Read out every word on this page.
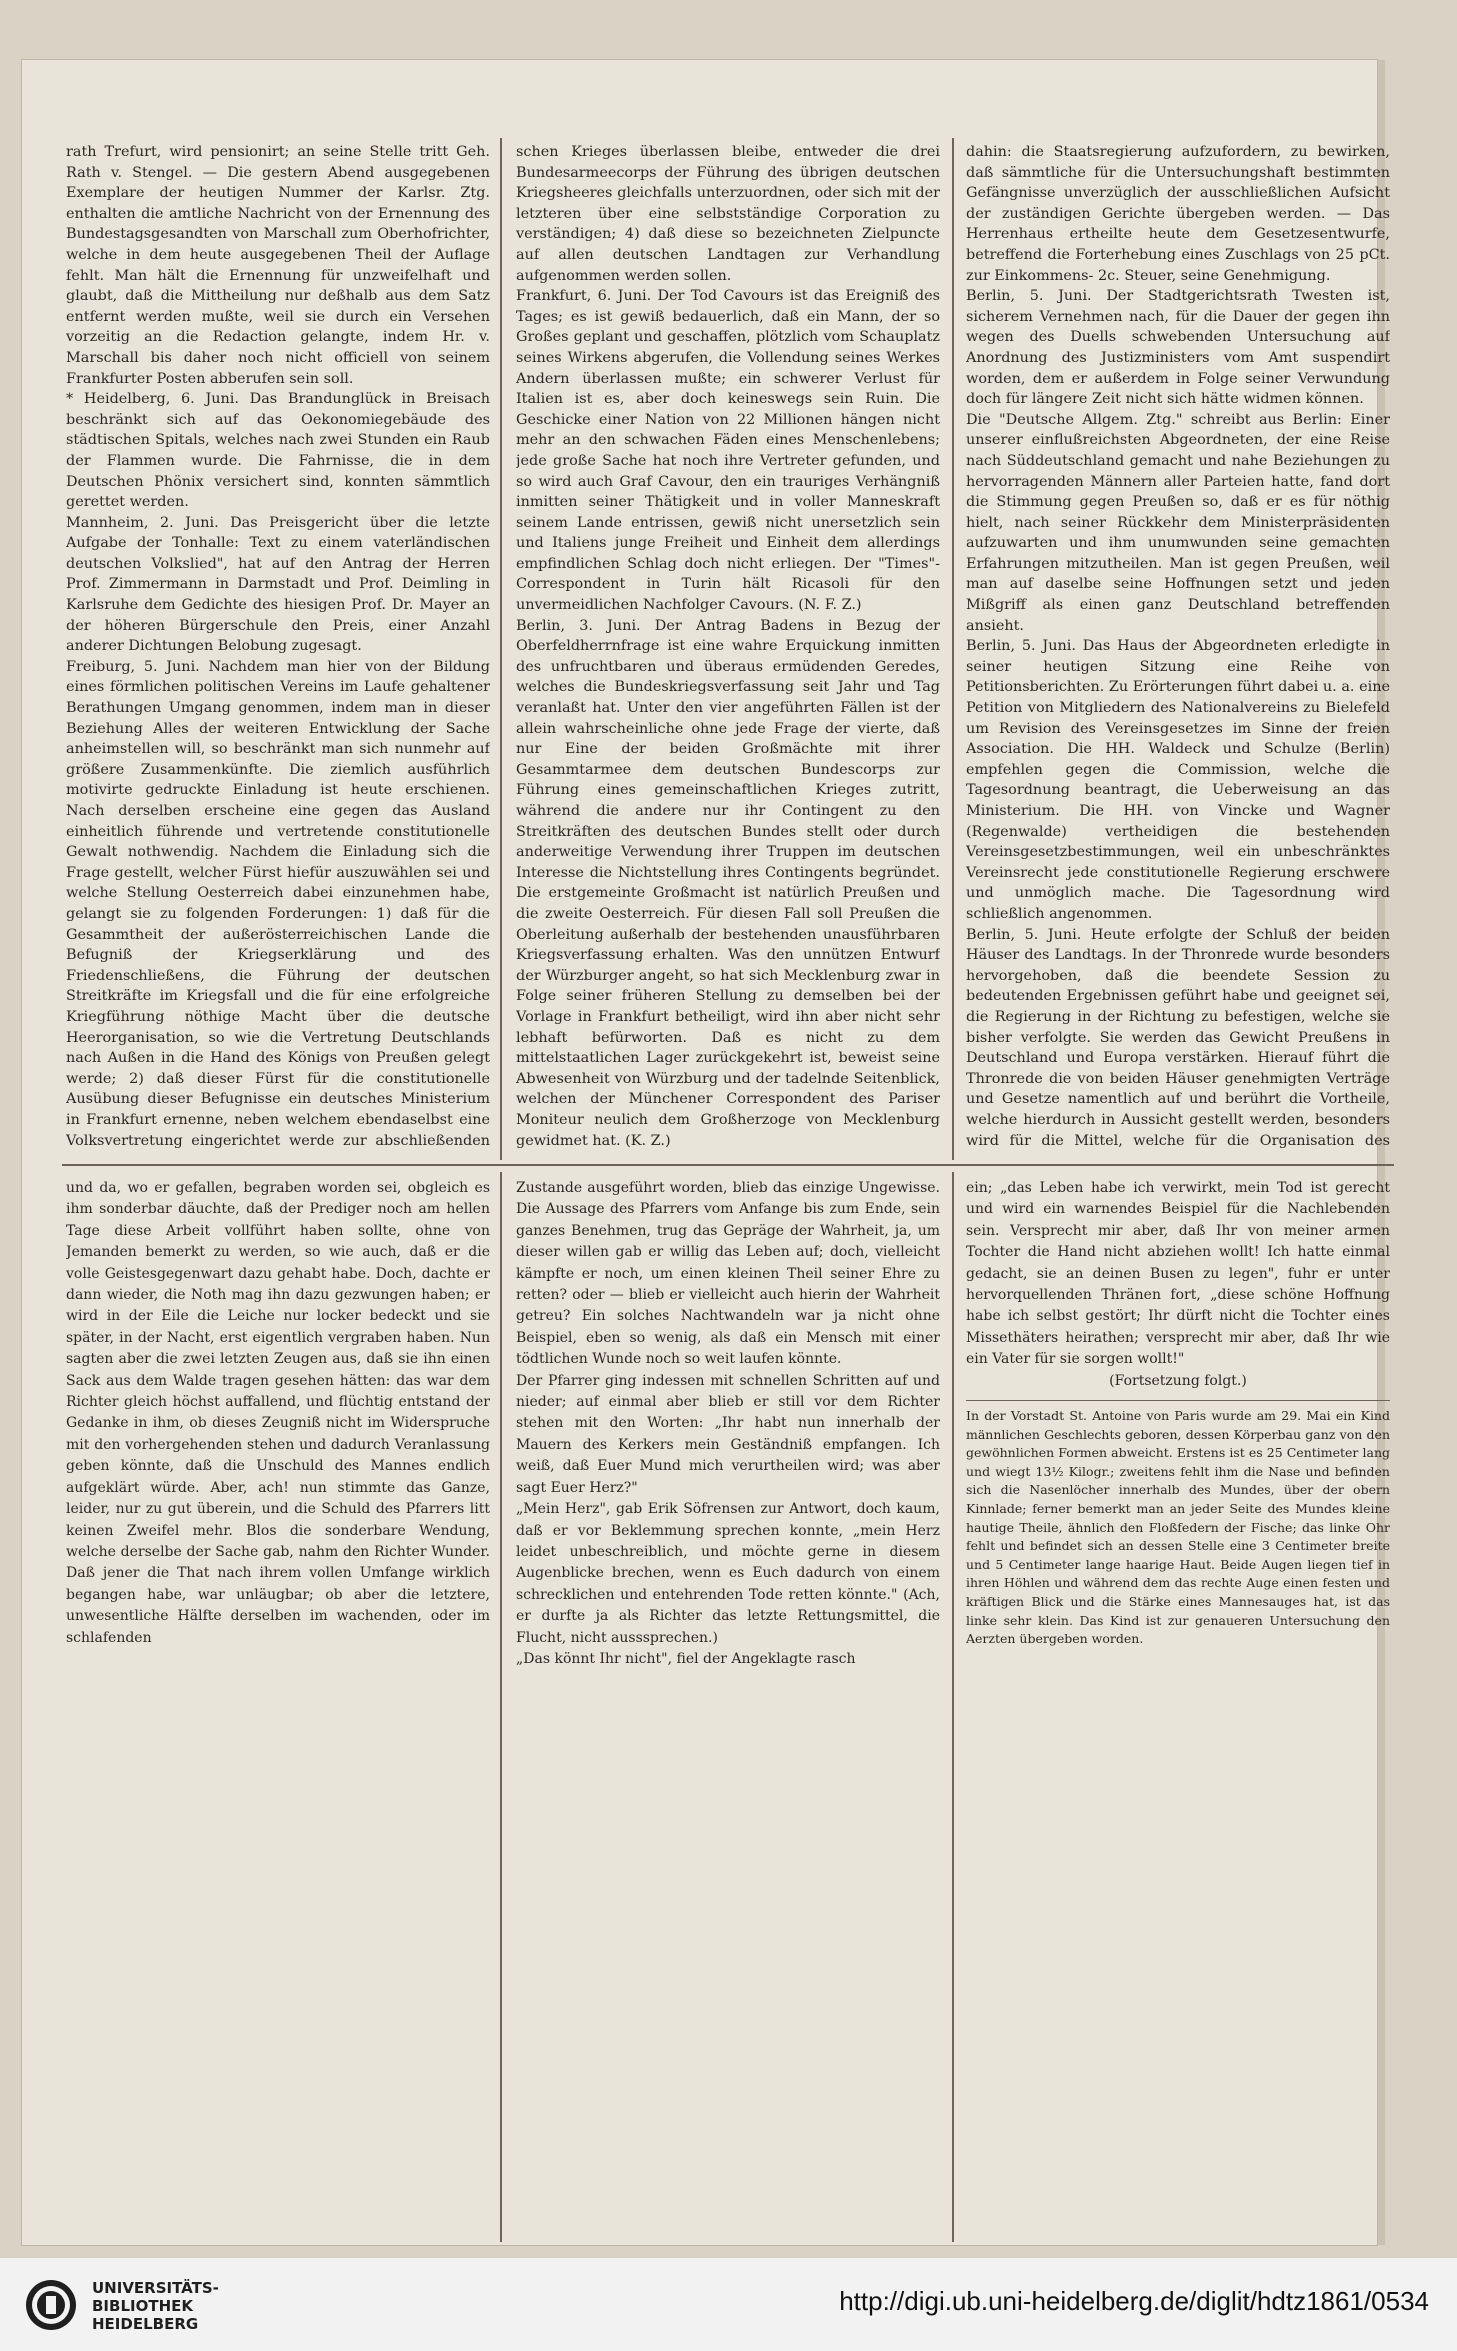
rath Trefurt, wird pensionirt; an seine Stelle tritt Geh. Rath v. Stengel. — Die gestern Abend ausgegebenen Exemplare der heutigen Nummer der Karlsr. Ztg. enthalten die amtliche Nachricht von der Ernennung des Bundestagsgesandten von Marschall zum Oberhofrichter, welche in dem heute ausgegebenen Theil der Auflage fehlt. Man hält die Ernennung für unzweifelhaft und glaubt, daß die Mittheilung nur deßhalb aus dem Satz entfernt werden mußte, weil sie durch ein Versehen vorzeitig an die Redaction gelangte, indem Hr. v. Marschall bis daher noch nicht officiell von seinem Frankfurter Posten abberufen sein soll.

* Heidelberg, 6. Juni. Das Brandunglück in Breisach beschränkt sich auf das Oekonomiegebäude des städtischen Spitals, welches nach zwei Stunden ein Raub der Flammen wurde. Die Fahrnisse, die in dem Deutschen Phönix versichert sind, konnten sämmtlich gerettet werden.

Mannheim, 2. Juni. Das Preisgericht über die letzte Aufgabe der Tonhalle: Text zu einem vaterländischen deutschen Volkslied", hat auf den Antrag der Herren Prof. Zimmermann in Darmstadt und Prof. Deimling in Karlsruhe dem Gedichte des hiesigen Prof. Dr. Mayer an der höheren Bürgerschule den Preis, einer Anzahl anderer Dichtungen Belobung zugesagt.

Freiburg, 5. Juni. Nachdem man hier von der Bildung eines förmlichen politischen Vereins im Laufe gehaltener Berathungen Umgang genommen, indem man in dieser Beziehung Alles der weiteren Entwicklung der Sache anheimstellen will, so beschränkt man sich nunmehr auf größere Zusammenkünfte. Die ziemlich ausführlich motivirte gedruckte Einladung ist heute erschienen. Nach derselben erscheine eine gegen das Ausland einheitlich führende und vertretende constitutionelle Gewalt nothwendig. Nachdem die Einladung sich die Frage gestellt, welcher Fürst hiefür auszuwählen sei und welche Stellung Oesterreich dabei einzunehmen habe, gelangt sie zu folgenden Forderungen: 1) daß für die Gesammtheit der außerösterreichischen Lande die Befugniß der Kriegserklärung und des Friedenschließens, die Führung der deutschen Streitkräfte im Kriegsfall und die für eine erfolgreiche Kriegführung nöthige Macht über die deutsche Heerorganisation, so wie die Vertretung Deutschlands nach Außen in die Hand des Königs von Preußen gelegt werde; 2) daß dieser Fürst für die constitutionelle Ausübung dieser Befugnisse ein deutsches Ministerium in Frankfurt ernenne, neben welchem ebendaselbst eine Volksvertretung eingerichtet werde zur abschließenden

schen Krieges überlassen bleibe, entweder die drei Bundesarmeecorps der Führung des übrigen deutschen Kriegsheeres gleichfalls unterzuordnen, oder sich mit der letzteren über eine selbstständige Corporation zu verständigen; 4) daß diese so bezeichneten Zielpuncte auf allen deutschen Landtagen zur Verhandlung aufgenommen werden sollen.

Frankfurt, 6. Juni. Der Tod Cavours ist das Ereigniß des Tages; es ist gewiß bedauerlich, daß ein Mann, der so Großes geplant und geschaffen, plötzlich vom Schauplatz seines Wirkens abgerufen, die Vollendung seines Werkes Andern überlassen mußte; ein schwerer Verlust für Italien ist es, aber doch keineswegs sein Ruin. Die Geschicke einer Nation von 22 Millionen hängen nicht mehr an den schwachen Fäden eines Menschenlebens; jede große Sache hat noch ihre Vertreter gefunden, und so wird auch Graf Cavour, den ein trauriges Verhängniß inmitten seiner Thätigkeit und in voller Manneskraft seinem Lande entrissen, gewiß nicht unersetzlich sein und Italiens junge Freiheit und Einheit dem allerdings empfindlichen Schlag doch nicht erliegen. Der "Times"-Correspondent in Turin hält Ricasoli für den unvermeidlichen Nachfolger Cavours. (N. F. Z.)

Berlin, 3. Juni. Der Antrag Badens in Bezug der Oberfeldherrnfrage ist eine wahre Erquickung inmitten des unfruchtbaren und überaus ermüdenden Geredes, welches die Bundeskriegsverfassung seit Jahr und Tag veranlaßt hat. Unter den vier angeführten Fällen ist der allein wahrscheinliche ohne jede Frage der vierte, daß nur Eine der beiden Großmächte mit ihrer Gesammtarmee dem deutschen Bundescorps zur Führung eines gemeinschaftlichen Krieges zutritt, während die andere nur ihr Contingent zu den Streitkräften des deutschen Bundes stellt oder durch anderweitige Verwendung ihrer Truppen im deutschen Interesse die Nichtstellung ihres Contingents begründet. Die erstgemeinte Großmacht ist natürlich Preußen und die zweite Oesterreich. Für diesen Fall soll Preußen die Oberleitung außerhalb der bestehenden unausführbaren Kriegsverfassung erhalten. Was den unnützen Entwurf der Würzburger angeht, so hat sich Mecklenburg zwar in Folge seiner früheren Stellung zu demselben bei der Vorlage in Frankfurt betheiligt, wird ihn aber nicht sehr lebhaft befürworten. Daß es nicht zu dem mittelstaatlichen Lager zurückgekehrt ist, beweist seine Abwesenheit von Würzburg und der tadelnde Seitenblick, welchen der Münchener Correspondent des Pariser Moniteur neulich dem Großherzoge von Mecklenburg gewidmet hat. (K. Z.)

dahin: die Staatsregierung aufzufordern, zu bewirken, daß sämmtliche für die Untersuchungshaft bestimmten Gefängnisse unverzüglich der ausschließlichen Aufsicht der zuständigen Gerichte übergeben werden. — Das Herrenhaus ertheilte heute dem Gesetzesentwurfe, betreffend die Forterhebung eines Zuschlags von 25 pCt. zur Einkommens- 2c. Steuer, seine Genehmigung.

Berlin, 5. Juni. Der Stadtgerichtsrath Twesten ist, sicherem Vernehmen nach, für die Dauer der gegen ihn wegen des Duells schwebenden Untersuchung auf Anordnung des Justizministers vom Amt suspendirt worden, dem er außerdem in Folge seiner Verwundung doch für längere Zeit nicht sich hätte widmen können.

Die "Deutsche Allgem. Ztg." schreibt aus Berlin: Einer unserer einflußreichsten Abgeordneten, der eine Reise nach Süddeutschland gemacht und nahe Beziehungen zu hervorragenden Männern aller Parteien hatte, fand dort die Stimmung gegen Preußen so, daß er es für nöthig hielt, nach seiner Rückkehr dem Ministerpräsidenten aufzuwarten und ihm unumwunden seine gemachten Erfahrungen mitzutheilen. Man ist gegen Preußen, weil man auf daselbe seine Hoffnungen setzt und jeden Mißgriff als einen ganz Deutschland betreffenden ansieht.

Berlin, 5. Juni. Das Haus der Abgeordneten erledigte in seiner heutigen Sitzung eine Reihe von Petitionsberichten. Zu Erörterungen führt dabei u. a. eine Petition von Mitgliedern des Nationalvereins zu Bielefeld um Revision des Vereinsgesetzes im Sinne der freien Association. Die HH. Waldeck und Schulze (Berlin) empfehlen gegen die Commission, welche die Tagesordnung beantragt, die Ueberweisung an das Ministerium. Die HH. von Vincke und Wagner (Regenwalde) vertheidigen die bestehenden Vereinsgesetzbestimmungen, weil ein unbeschränktes Vereinsrecht jede constitutionelle Regierung erschwere und unmöglich mache. Die Tagesordnung wird schließlich angenommen.

Berlin, 5. Juni. Heute erfolgte der Schluß der beiden Häuser des Landtags. In der Thronrede wurde besonders hervorgehoben, daß die beendete Session zu bedeutenden Ergebnissen geführt habe und geeignet sei, die Regierung in der Richtung zu befestigen, welche sie bisher verfolgte. Sie werden das Gewicht Preußens in Deutschland und Europa verstärken. Hierauf führt die Thronrede die von beiden Häuser genehmigten Verträge und Gesetze namentlich auf und berührt die Vortheile, welche hierdurch in Aussicht gestellt werden, besonders wird für die Mittel, welche für die Organisation des

und da, wo er gefallen, begraben worden sei, obgleich es ihm sonderbar däuchte, daß der Prediger noch am hellen Tage diese Arbeit vollführt haben sollte, ohne von Jemanden bemerkt zu werden, so wie auch, daß er die volle Geistesgegenwart dazu gehabt habe. Doch, dachte er dann wieder, die Noth mag ihn dazu gezwungen haben; er wird in der Eile die Leiche nur locker bedeckt und sie später, in der Nacht, erst eigentlich vergraben haben. Nun sagten aber die zwei letzten Zeugen aus, daß sie ihn einen Sack aus dem Walde tragen gesehen hätten: das war dem Richter gleich höchst auffallend, und flüchtig entstand der Gedanke in ihm, ob dieses Zeugniß nicht im Widerspruche mit den vorhergehenden stehen und dadurch Veranlassung geben könnte, daß die Unschuld des Mannes endlich aufgeklärt würde. Aber, ach! nun stimmte das Ganze, leider, nur zu gut überein, und die Schuld des Pfarrers litt keinen Zweifel mehr. Blos die sonderbare Wendung, welche derselbe der Sache gab, nahm den Richter Wunder. Daß jener die That nach ihrem vollen Umfange wirklich begangen habe, war unläugbar; ob aber die letztere, unwesentliche Hälfte derselben im wachenden, oder im schlafenden

Zustande ausgeführt worden, blieb das einzige Ungewisse. Die Aussage des Pfarrers vom Anfange bis zum Ende, sein ganzes Benehmen, trug das Gepräge der Wahrheit, ja, um dieser willen gab er willig das Leben auf; doch, vielleicht kämpfte er noch, um einen kleinen Theil seiner Ehre zu retten? oder — blieb er vielleicht auch hierin der Wahrheit getreu? Ein solches Nachtwandeln war ja nicht ohne Beispiel, eben so wenig, als daß ein Mensch mit einer tödtlichen Wunde noch so weit laufen könnte.

Der Pfarrer ging indessen mit schnellen Schritten auf und nieder; auf einmal aber blieb er still vor dem Richter stehen mit den Worten: „Ihr habt nun innerhalb der Mauern des Kerkers mein Geständniß empfangen. Ich weiß, daß Euer Mund mich verurtheilen wird; was aber sagt Euer Herz?"

„Mein Herz", gab Erik Söfrensen zur Antwort, doch kaum, daß er vor Beklemmung sprechen konnte, „mein Herz leidet unbeschreiblich, und möchte gerne in diesem Augenblicke brechen, wenn es Euch dadurch von einem schrecklichen und entehrenden Tode retten könnte." (Ach, er durfte ja als Richter das letzte Rettungsmittel, die Flucht, nicht ausssprechen.)

„Das könnt Ihr nicht", fiel der Angeklagte rasch

ein; „das Leben habe ich verwirkt, mein Tod ist gerecht und wird ein warnendes Beispiel für die Nachlebenden sein. Versprecht mir aber, daß Ihr von meiner armen Tochter die Hand nicht abziehen wollt! Ich hatte einmal gedacht, sie an deinen Busen zu legen", fuhr er unter hervorquellenden Thränen fort, „diese schöne Hoffnung habe ich selbst gestört; Ihr dürft nicht die Tochter eines Missethäters heirathen; versprecht mir aber, daß Ihr wie ein Vater für sie sorgen wollt!"

(Fortsetzung folgt.)

In der Vorstadt St. Antoine von Paris wurde am 29. Mai ein Kind männlichen Geschlechts geboren, dessen Körperbau ganz von den gewöhnlichen Formen abweicht. Erstens ist es 25 Centimeter lang und wiegt 13½ Kilogr.; zweitens fehlt ihm die Nase und befinden sich die Nasenlöcher innerhalb des Mundes, über der obern Kinnlade; ferner bemerkt man an jeder Seite des Mundes kleine hautige Theile, ähnlich den Floßfedern der Fische; das linke Ohr fehlt und befindet sich an dessen Stelle eine 3 Centimeter breite und 5 Centimeter lange haarige Haut. Beide Augen liegen tief in ihren Höhlen und während dem das rechte Auge einen festen und kräftigen Blick und die Stärke eines Mannesauges hat, ist das linke sehr klein. Das Kind ist zur genaueren Untersuchung den Aerzten übergeben worden.

UNIVERSITÄTS-
BIBLIOTHEK
HEIDELBERG
http://digi.ub.uni-heidelberg.de/diglit/hdtz1861/0534
